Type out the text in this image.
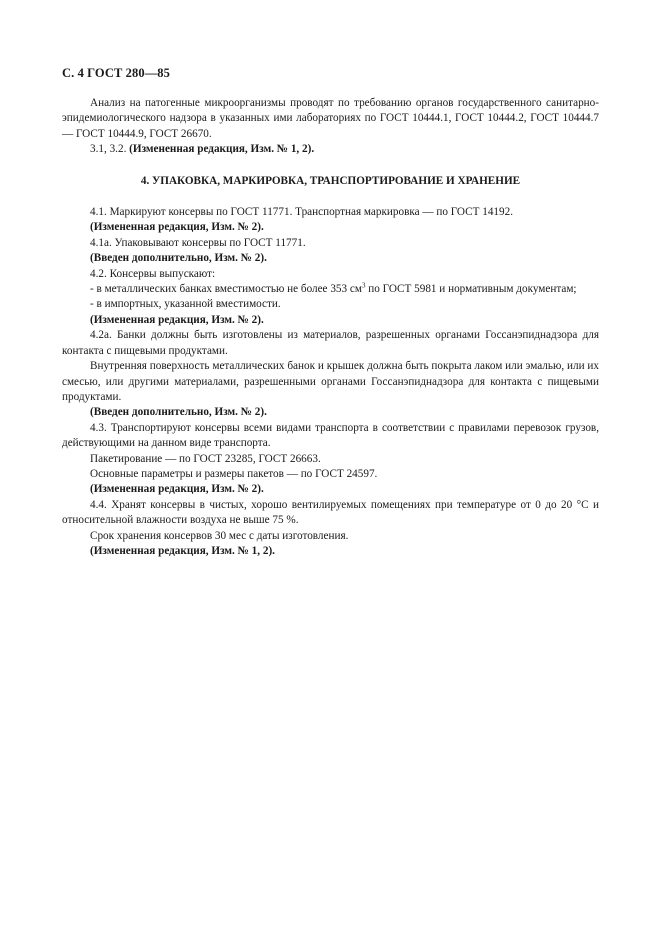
С. 4 ГОСТ 280—85

Анализ на патогенные микроорганизмы проводят по требованию органов государственного санитарно-эпидемиологического надзора в указанных ими лабораториях по ГОСТ 10444.1, ГОСТ 10444.2, ГОСТ 10444.7 — ГОСТ 10444.9, ГОСТ 26670.

3.1, 3.2. (Измененная редакция, Изм. № 1, 2).

4. УПАКОВКА, МАРКИРОВКА, ТРАНСПОРТИРОВАНИЕ И ХРАНЕНИЕ

4.1. Маркируют консервы по ГОСТ 11771. Транспортная маркировка — по ГОСТ 14192.

(Измененная редакция, Изм. № 2).

4.1а. Упаковывают консервы по ГОСТ 11771.

(Введен дополнительно, Изм. № 2).

4.2. Консервы выпускают:

- в металлических банках вместимостью не более 353 $см^3$ по ГОСТ 5981 и нормативным документам;

- в импортных, указанной вместимости.

(Измененная редакция, Изм. № 2).

4.2а. Банки должны быть изготовлены из материалов, разрешенных органами Госсанэпиднадзора для контакта с пищевыми продуктами.

Внутренняя поверхность металлических банок и крышек должна быть покрыта лаком или эмалью, или их смесью, или другими материалами, разрешенными органами Госсанэпиднадзора для контакта с пищевыми продуктами.

(Введен дополнительно, Изм. № 2).

4.3. Транспортируют консервы всеми видами транспорта в соответствии с правилами перевозок грузов, действующими на данном виде транспорта.

Пакетирование — по ГОСТ 23285, ГОСТ 26663.

Основные параметры и размеры пакетов — по ГОСТ 24597.

(Измененная редакция, Изм. № 2).

4.4. Хранят консервы в чистых, хорошо вентилируемых помещениях при температуре от 0 до 20 °С и относительной влажности воздуха не выше 75 %.

Срок хранения консервов 30 мес с даты изготовления.

(Измененная редакция, Изм. № 1, 2).
